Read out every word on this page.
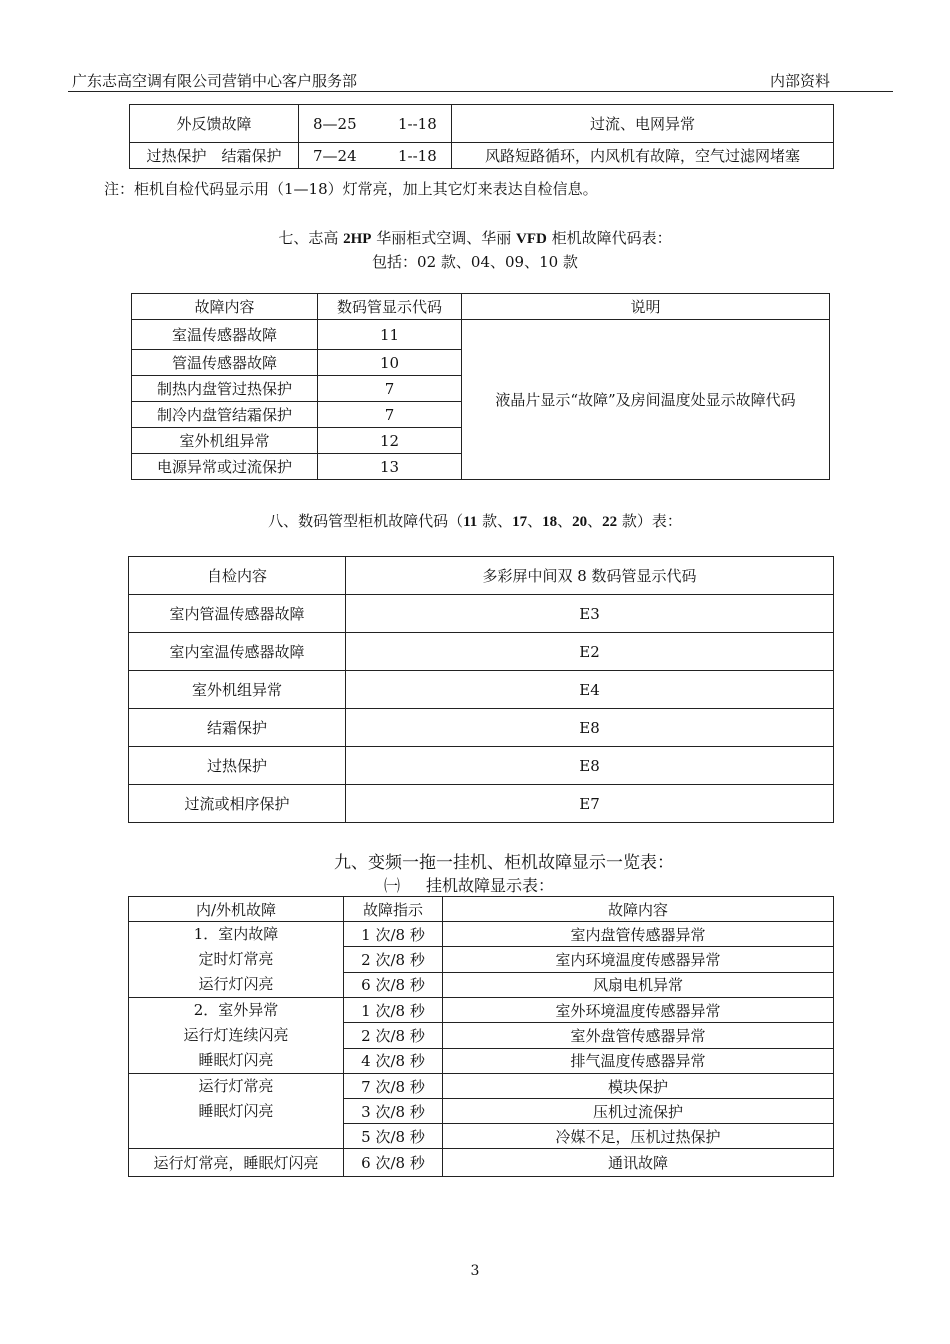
广东志高空调有限公司营销中心客户服务部	内部资料
外反馈故障	8—25 1--18	过流、电网异常
过热保护　结霜保护	7—24 1--18	风路短路循环，内风机有故障，空气过滤网堵塞
注：柜机自检代码显示用（1—18）灯常亮，加上其它灯来表达自检信息。
七、志高 2HP 华丽柜式空调、华丽 VFD 柜机故障代码表：
包括：02 款、04、09、10 款
故障内容	数码管显示代码	说明
室温传感器故障	11	液晶片显示“故障”及房间温度处显示故障代码
管温传感器故障	10	
制热内盘管过热保护	7	
制冷内盘管结霜保护	7	
室外机组异常	12	
电源异常或过流保护	13	
八、数码管型柜机故障代码（11 款、17、18、20、22 款）表：
自检内容	多彩屏中间双 8 数码管显示代码
室内管温传感器故障	E3
室内室温传感器故障	E2
室外机组异常	E4
结霜保护	E8
过热保护	E8
过流或相序保护	E7
九、变频一拖一挂机、柜机故障显示一览表：
㈠ 挂机故障显示表：
内/外机故障	故障指示	故障内容

1．室内故障
定时灯常亮
运行灯闪亮	1 次/8 秒	室内盘管传感器异常
	2 次/8 秒	室内环境温度传感器异常
	6 次/8 秒	风扇电机异常

2．室外异常
运行灯连续闪亮
睡眠灯闪亮	1 次/8 秒	室外环境温度传感器异常
	2 次/8 秒	室外盘管传感器异常
	4 次/8 秒	排气温度传感器异常

运行灯常亮
睡眠灯闪亮	7 次/8 秒	模块保护
	3 次/8 秒	压机过流保护
	5 次/8 秒	冷媒不足，压机过热保护
运行灯常亮，睡眠灯闪亮	6 次/8 秒	通讯故障
3
